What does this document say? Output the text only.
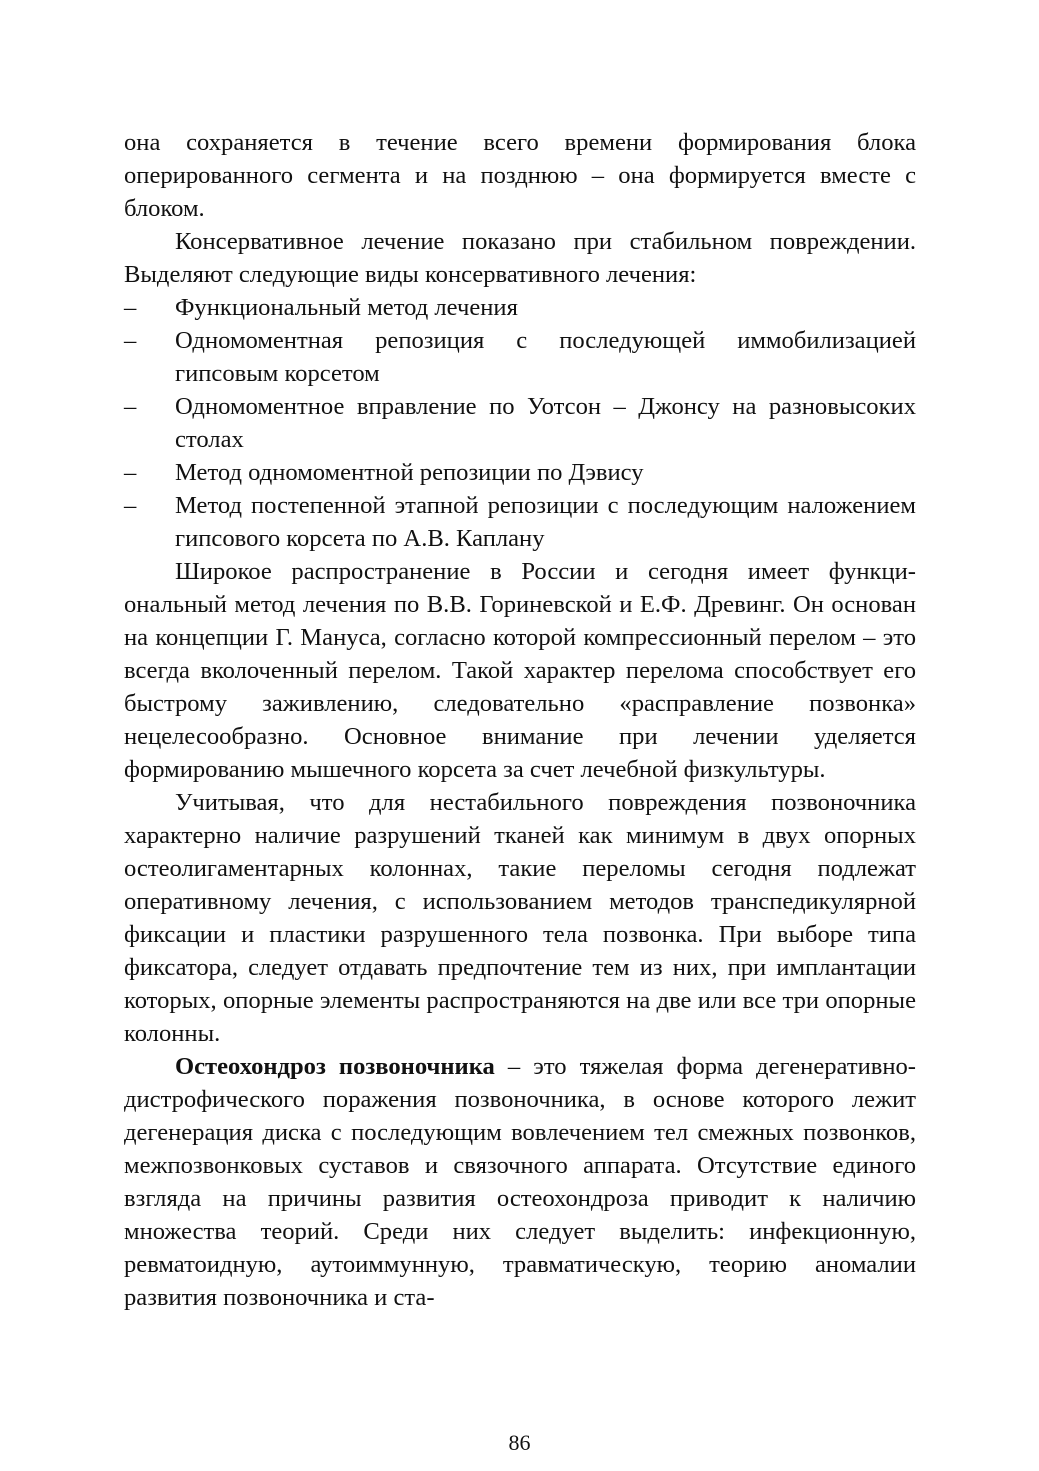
она сохраняется в течение всего времени формирования блока оперированного сегмента и на позднюю – она формируется вместе с блоком.

Консервативное лечение показано при стабильном повреждении. Выделяют следующие виды консервативного лечения:

– Функциональный метод лечения
– Одномоментная репозиция с последующей иммобилизацией гипсовым корсетом
– Одномоментное вправление по Уотсон – Джонсу на разновысоких столах
– Метод одномоментной репозиции по Дэвису
– Метод постепенной этапной репозиции с последующим наложением гипсового корсета по А.В. Каплану

Широкое распространение в России и сегодня имеет функциональный метод лечения по В.В. Гориневской и Е.Ф. Древинг. Он основан на концепции Г. Мануса, согласно которой компрессионный перелом – это всегда вколоченный перелом. Такой характер перелома способствует его быстрому заживлению, следовательно «расправление позвонка» нецелесообразно. Основное внимание при лечении уделяется формированию мышечного корсета за счет лечебной физкультуры.

Учитывая, что для нестабильного повреждения позвоночника характерно наличие разрушений тканей как минимум в двух опорных остеолигаментарных колоннах, такие переломы сегодня подлежат оперативному лечения, с использованием методов транспедикулярной фиксации и пластики разрушенного тела позвонка. При выборе типа фиксатора, следует отдавать предпочтение тем из них, при имплантации которых, опорные элементы распространяются на две или все три опорные колонны.

Остеохондроз позвоночника – это тяжелая форма дегенеративно-дистрофического поражения позвоночника, в основе которого лежит дегенерация диска с последующим вовлечением тел смежных позвонков, межпозвонковых суставов и связочного аппарата. Отсутствие единого взгляда на причины развития остеохондроза приводит к наличию множества теорий. Среди них следует выделить: инфекционную, ревматоидную, аутоиммунную, травматическую, теорию аномалии развития позвоночника и ста-

86
